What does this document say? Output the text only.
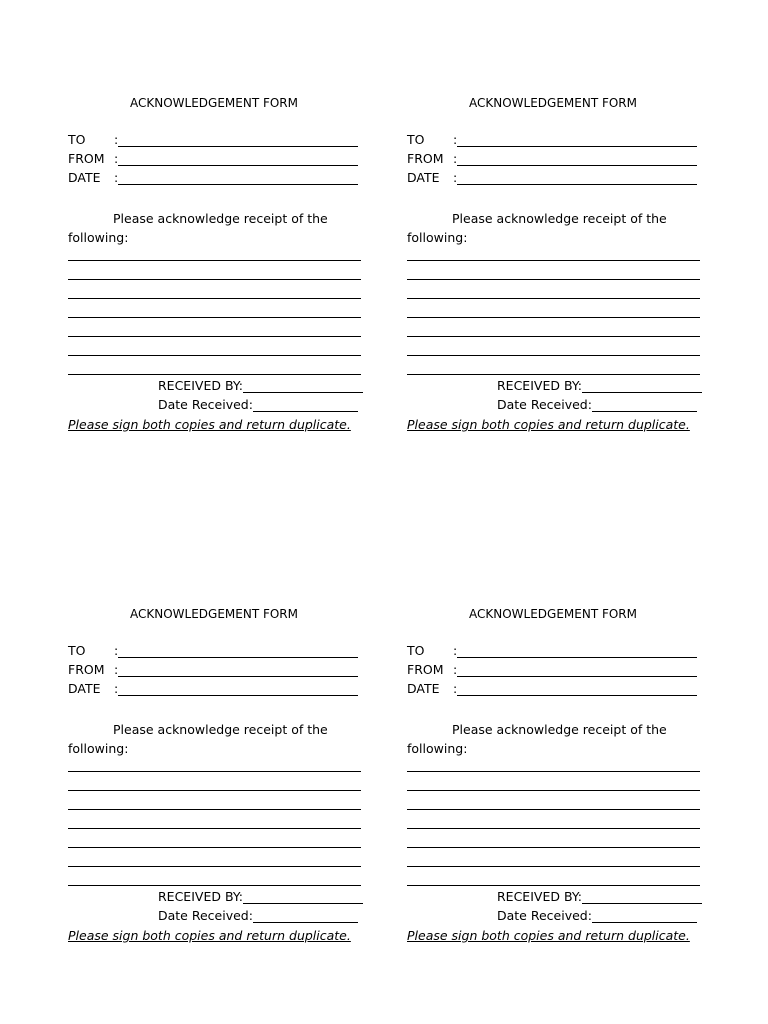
ACKNOWLEDGEMENT FORM
TO :
FROM :
DATE :
Please acknowledge receipt of the
following:
RECEIVED BY:
Date Received:
Please sign both copies and return duplicate.
ACKNOWLEDGEMENT FORM
TO :
FROM :
DATE :
Please acknowledge receipt of the
following:
RECEIVED BY:
Date Received:
Please sign both copies and return duplicate.
ACKNOWLEDGEMENT FORM
TO :
FROM :
DATE :
Please acknowledge receipt of the
following:
RECEIVED BY:
Date Received:
Please sign both copies and return duplicate.
ACKNOWLEDGEMENT FORM
TO :
FROM :
DATE :
Please acknowledge receipt of the
following:
RECEIVED BY:
Date Received:
Please sign both copies and return duplicate.
